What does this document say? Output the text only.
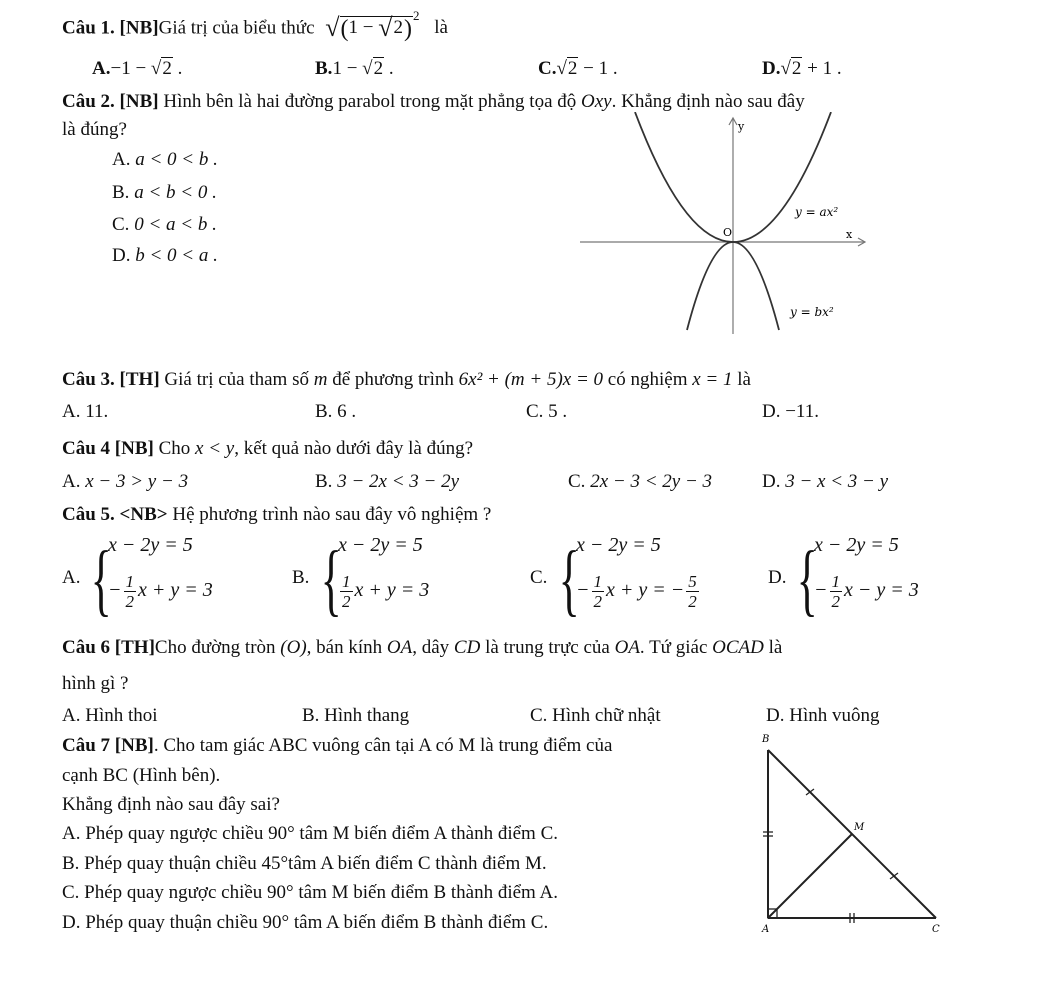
Câu 1. [NB]Giá trị của biểu thức $√(1 - √2)^2$ là
A.−1 − √2 .	B.1 − √2 .	C.√2 − 1 .	D.√2 + 1 .
Câu 2. [NB] Hình bên là hai đường parabol trong mặt phẳng tọa độ Oxy. Khẳng định nào sau đây
là đúng?
A. a < 0 < b .
B. a < b < 0 .
C. 0 < a < b .
D. b < 0 < a .
y
x
O
y = ax²
y = bx²
Câu 3. [TH] Giá trị của tham số m để phương trình 6x² + (m + 5)x = 0 có nghiệm x = 1 là
A. 11.	B. 6 .	C. 5 .	D. −11.
Câu 4 [NB] Cho x < y, kết quả nào dưới đây là đúng?
A. x − 3 > y − 3	B. 3 − 2x < 3 − 2y	C. 2x − 3 < 2y − 3	D. 3 − x < 3 − y
Câu 5. <NB> Hệ phương trình nào sau đây vô nghiệm ?
A. {
x − 2y = 5
− $\frac{1}{2}$ x + y = 3
B. {
x − 2y = 5
$\frac{1}{2}$ x + y = 3
C. {
x − 2y = 5
− $\frac{1}{2}$ x + y = − $\frac{5}{2}$	D. {
x − 2y = 5
− $\frac{1}{2}$ x − y = 3
Câu 6 [TH]Cho đường tròn (O), bán kính OA, dây CD là trung trực của OA. Tứ giác OCAD là
hình gì ?
A. Hình thoi	B. Hình thang	C. Hình chữ nhật	D. Hình vuông
Câu 7 [NB]. Cho tam giác ABC vuông cân tại A có M là trung điểm của
cạnh BC (Hình bên).
Khẳng định nào sau đây sai?
A. Phép quay ngược chiều 90° tâm M biến điểm A thành điểm C.
B. Phép quay thuận chiều 45°tâm A biến điểm C thành điểm M.
C. Phép quay ngược chiều 90° tâm M biến điểm B thành điểm A.
D. Phép quay thuận chiều 90° tâm A biến điểm B thành điểm C.
B
M
A	C
